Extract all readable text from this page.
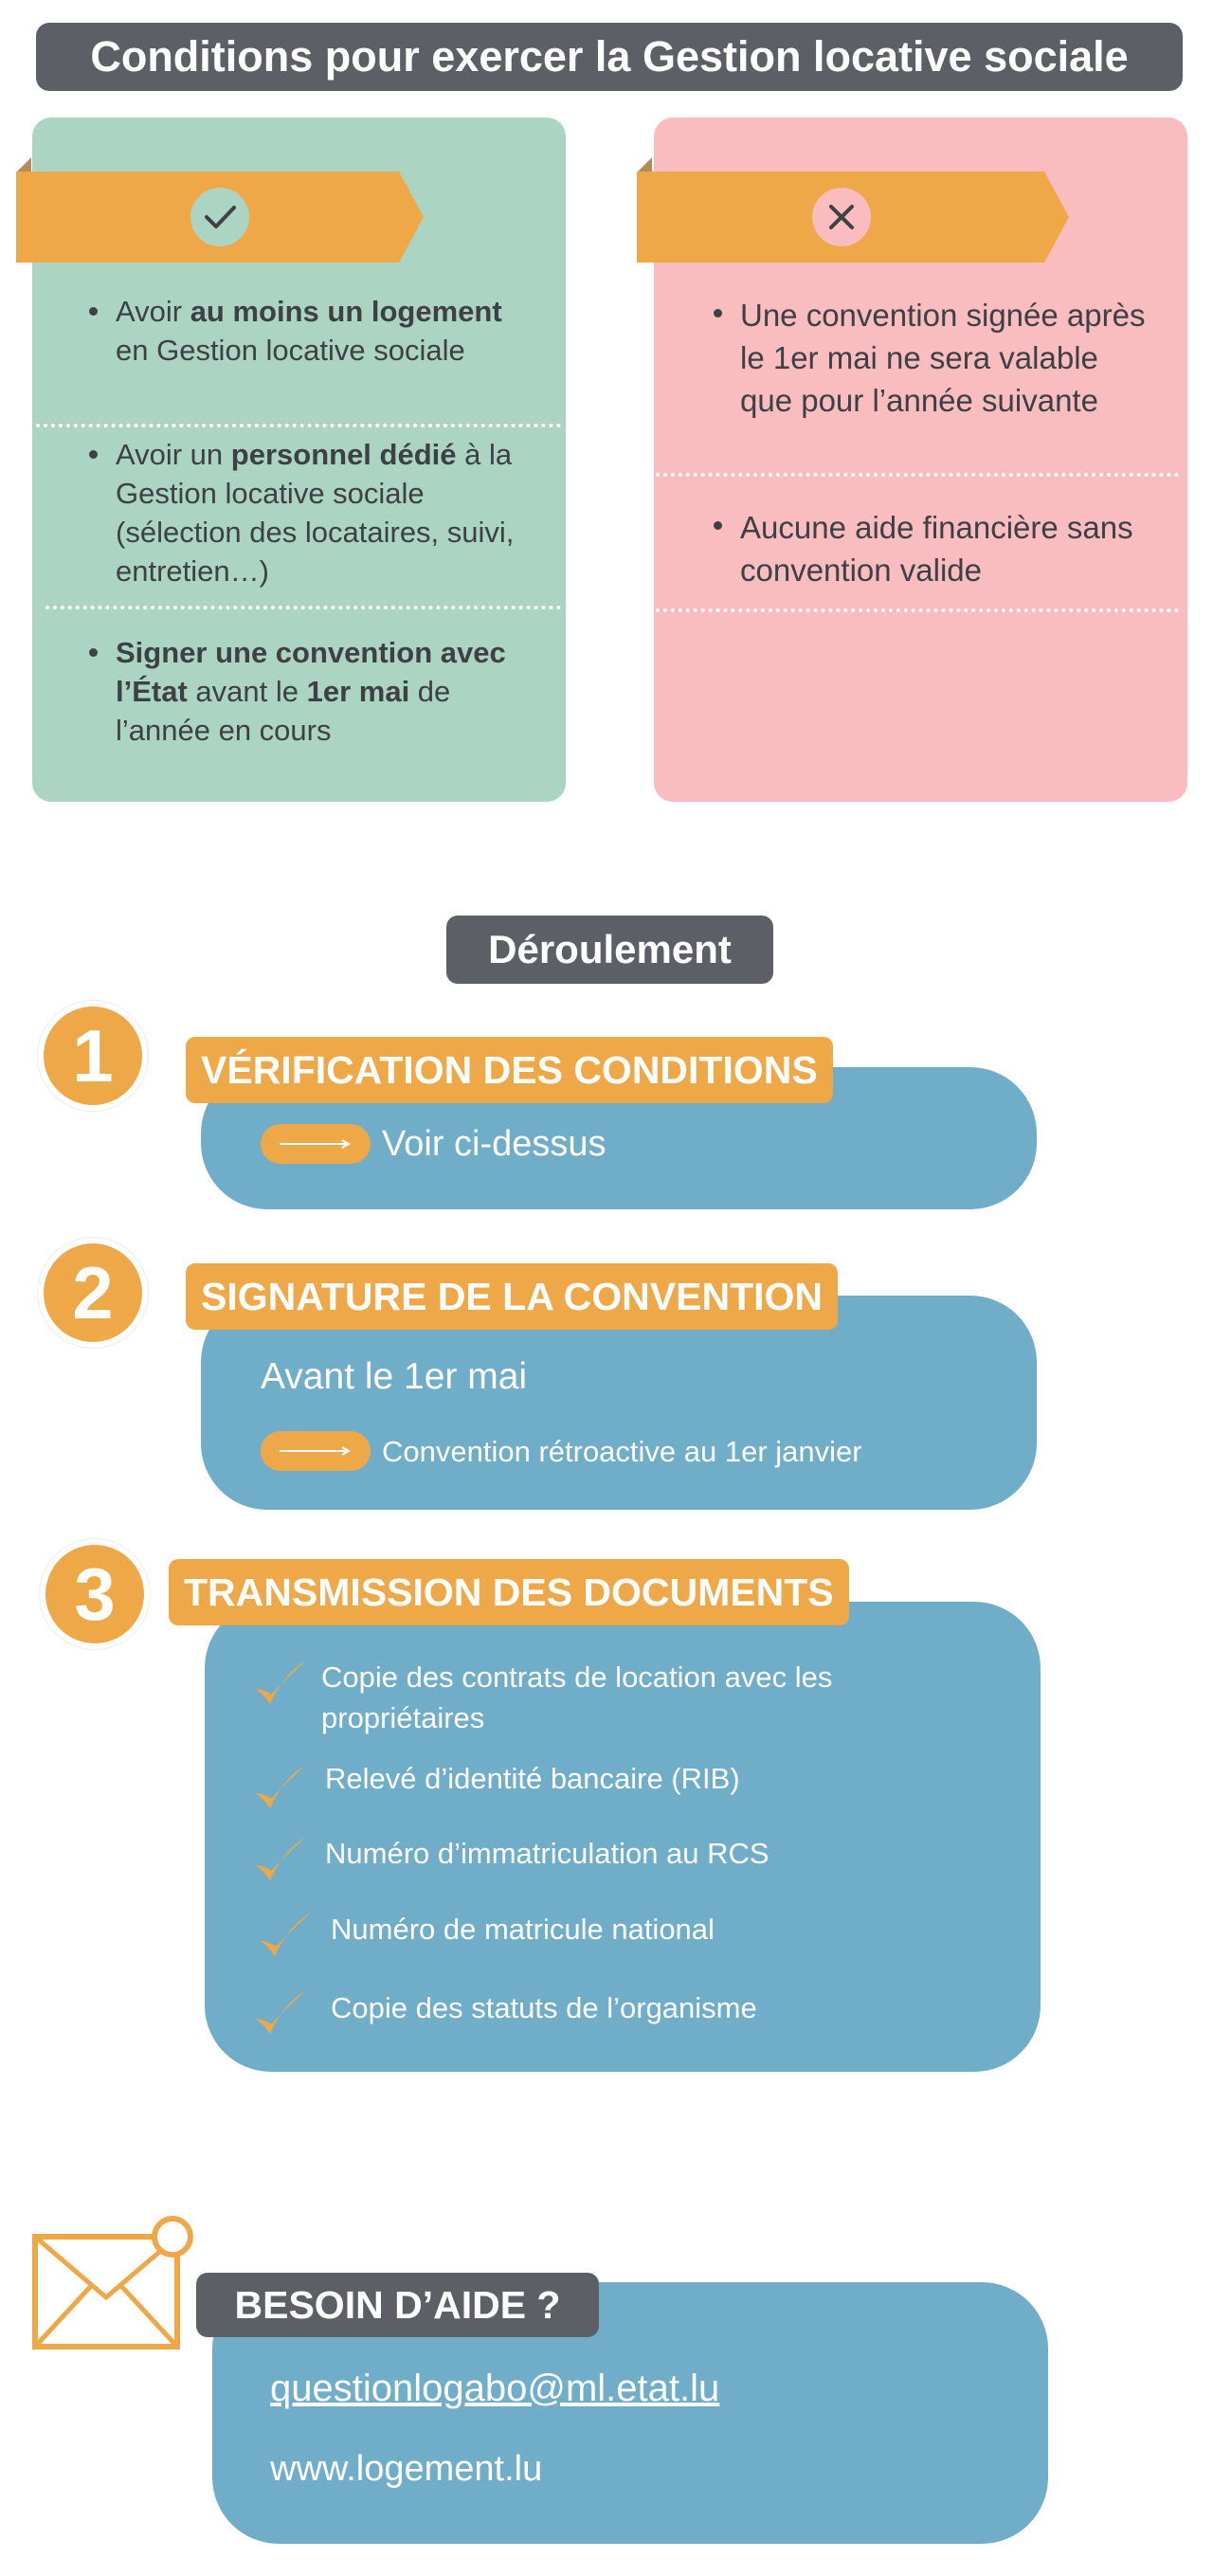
Conditions pour exercer la Gestion locative sociale
Avoir au moins un logement en Gestion locative sociale
Avoir un personnel dédié à la Gestion locative sociale (sélection des locataires, suivi, entretien…)
Signer une convention avec l’État avant le 1er mai de l’année en cours
Une convention signée après le 1er mai ne sera valable que pour l’année suivante
Aucune aide financière sans convention valide
Déroulement
1	VÉRIFICATION DES CONDITIONS
Voir ci-dessus
2	SIGNATURE DE LA CONVENTION
Avant le 1er mai
Convention rétroactive au 1er janvier
3	TRANSMISSION DES DOCUMENTS
Copie des contrats de location avec les propriétaires
Relevé d’identité bancaire (RIB)
Numéro d’immatriculation au RCS
Numéro de matricule national
Copie des statuts de l’organisme
BESOIN D’AIDE ?
questionlogabo@ml.etat.lu
www.logement.lu
